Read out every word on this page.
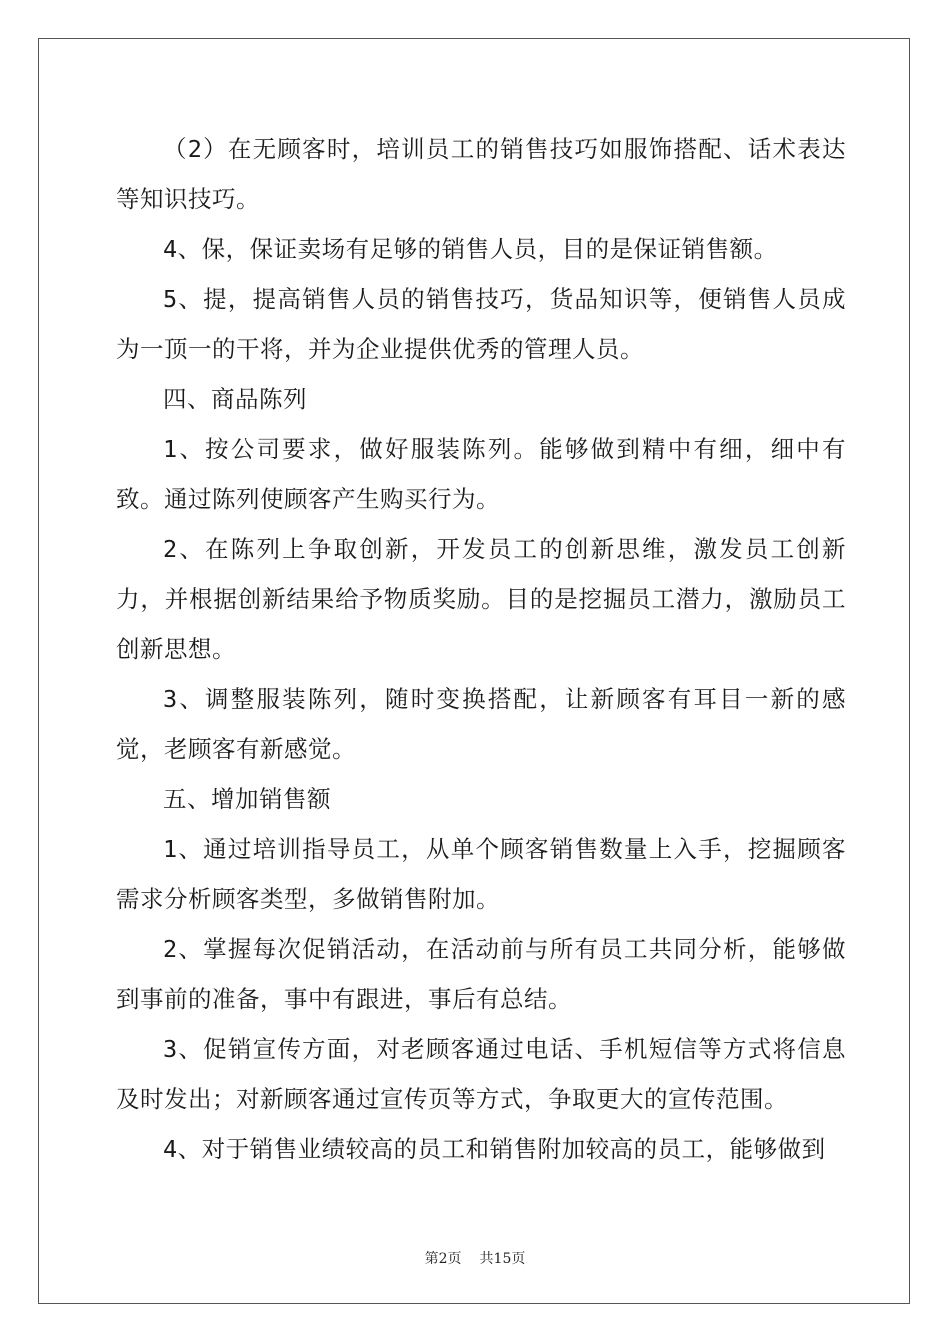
（2）在无顾客时，培训员工的销售技巧如服饰搭配、话术表达等知识技巧。

4、保，保证卖场有足够的销售人员，目的是保证销售额。

5、提，提高销售人员的销售技巧，货品知识等，便销售人员成为一顶一的干将，并为企业提供优秀的管理人员。

四、商品陈列

1、按公司要求，做好服装陈列。能够做到精中有细，细中有致。通过陈列使顾客产生购买行为。

2、在陈列上争取创新，开发员工的创新思维，激发员工创新力，并根据创新结果给予物质奖励。目的是挖掘员工潜力，激励员工创新思想。

3、调整服装陈列，随时变换搭配，让新顾客有耳目一新的感觉，老顾客有新感觉。

五、增加销售额

1、通过培训指导员工，从单个顾客销售数量上入手，挖掘顾客需求分析顾客类型，多做销售附加。

2、掌握每次促销活动，在活动前与所有员工共同分析，能够做到事前的准备，事中有跟进，事后有总结。

3、促销宣传方面，对老顾客通过电话、手机短信等方式将信息及时发出；对新顾客通过宣传页等方式，争取更大的宣传范围。

4、对于销售业绩较高的员工和销售附加较高的员工，能够做到

第2页 共15页
